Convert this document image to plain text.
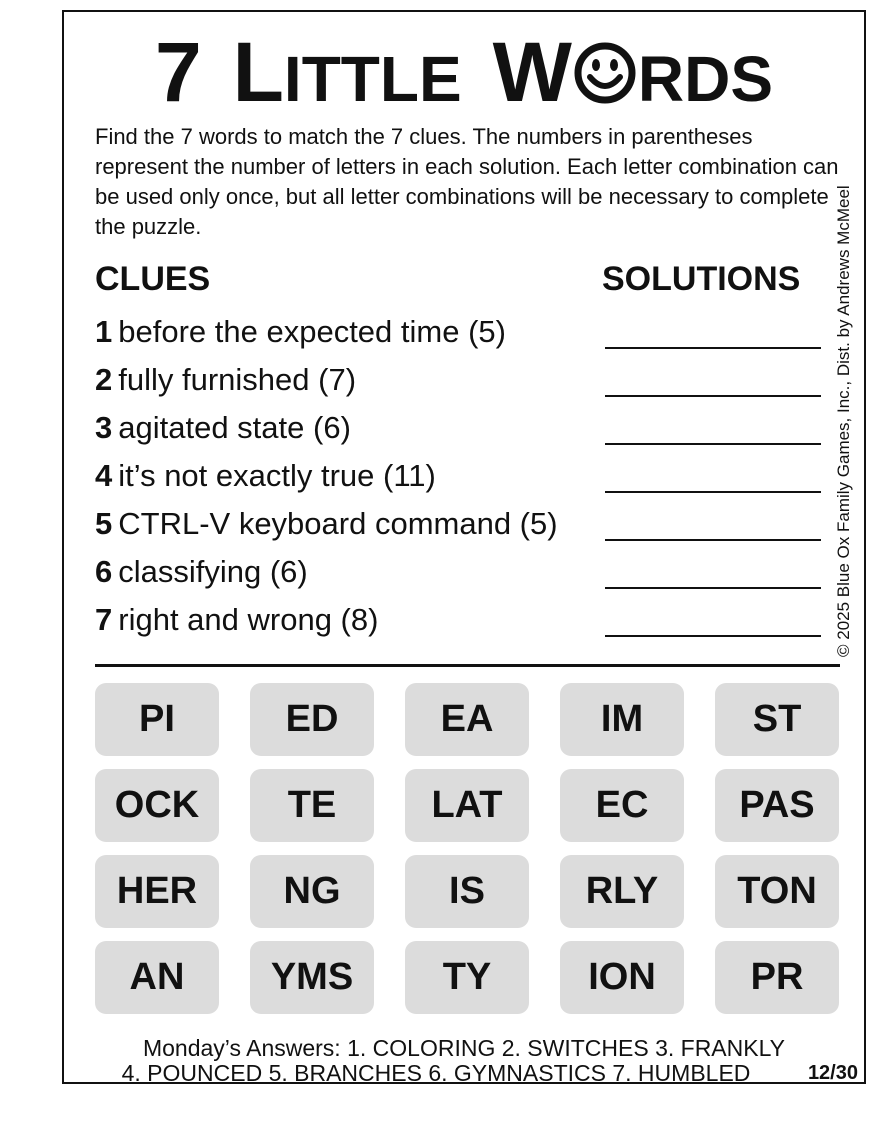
7 LITTLE W RDS
Find the 7 words to match the 7 clues. The numbers in parentheses represent the number of letters in each solution. Each letter combination can be used only once, but all letter combinations will be necessary to complete the puzzle.
CLUES	SOLUTIONS
1 before the expected time (5)
2 fully furnished (7)
3 agitated state (6)
4 it’s not exactly true (11)
5 CTRL-V keyboard command (5)
6 classifying (6)
7 right and wrong (8)	© 2025 Blue Ox Family Games, Inc., Dist. by Andrews McMeel
PI	ED	EA	IM	ST
OCK	TE	LAT	EC	PAS
HER	NG	IS	RLY	TON
AN	YMS	TY	ION	PR
Monday’s Answers: 1. COLORING 2. SWITCHES 3. FRANKLY
4. POUNCED 5. BRANCHES 6. GYMNASTICS 7. HUMBLED	12/30
